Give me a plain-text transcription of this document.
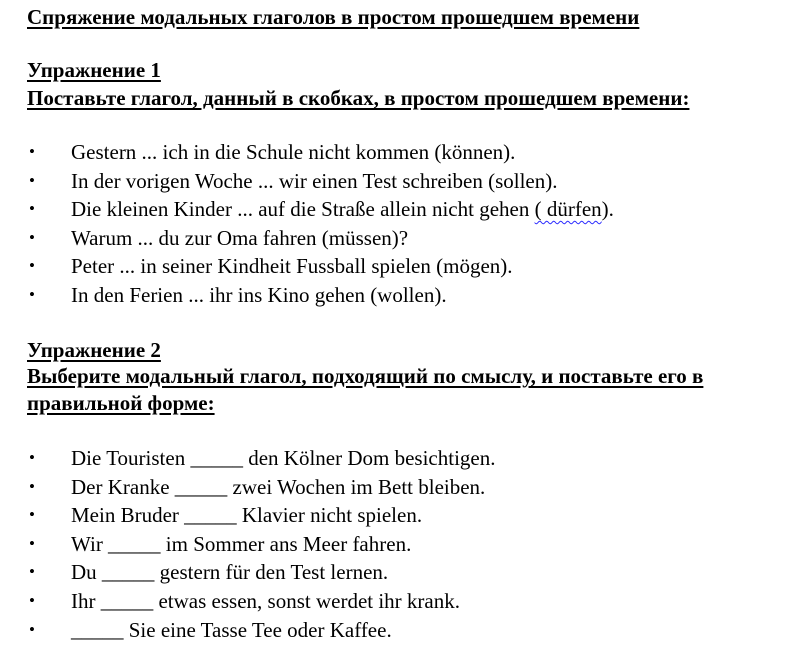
Спряжение модальных глаголов в простом прошедшем времени
Упражнение 1
Поставьте глагол, данный в скобках, в простом прошедшем времени:
• Gestern ... ich in die Schule nicht kommen (können).
• In der vorigen Woche ... wir einen Test schreiben (sollen).
• Die kleinen Kinder ... auf die Straße allein nicht gehen ( dürfen).
• Warum ... du zur Oma fahren (müssen)?
• Peter ... in seiner Kindheit Fussball spielen (mögen).
• In den Ferien ... ihr ins Kino gehen (wollen).
Упражнение 2
Выберите модальный глагол, подходящий по смыслу, и поставьте его в правильной форме:
• Die Touristen _____ den Kölner Dom besichtigen.
• Der Kranke _____ zwei Wochen im Bett bleiben.
• Mein Bruder _____ Klavier nicht spielen.
• Wir _____ im Sommer ans Meer fahren.
• Du _____ gestern für den Test lernen.
• Ihr _____ etwas essen, sonst werdet ihr krank.
• _____ Sie eine Tasse Tee oder Kaffee.
